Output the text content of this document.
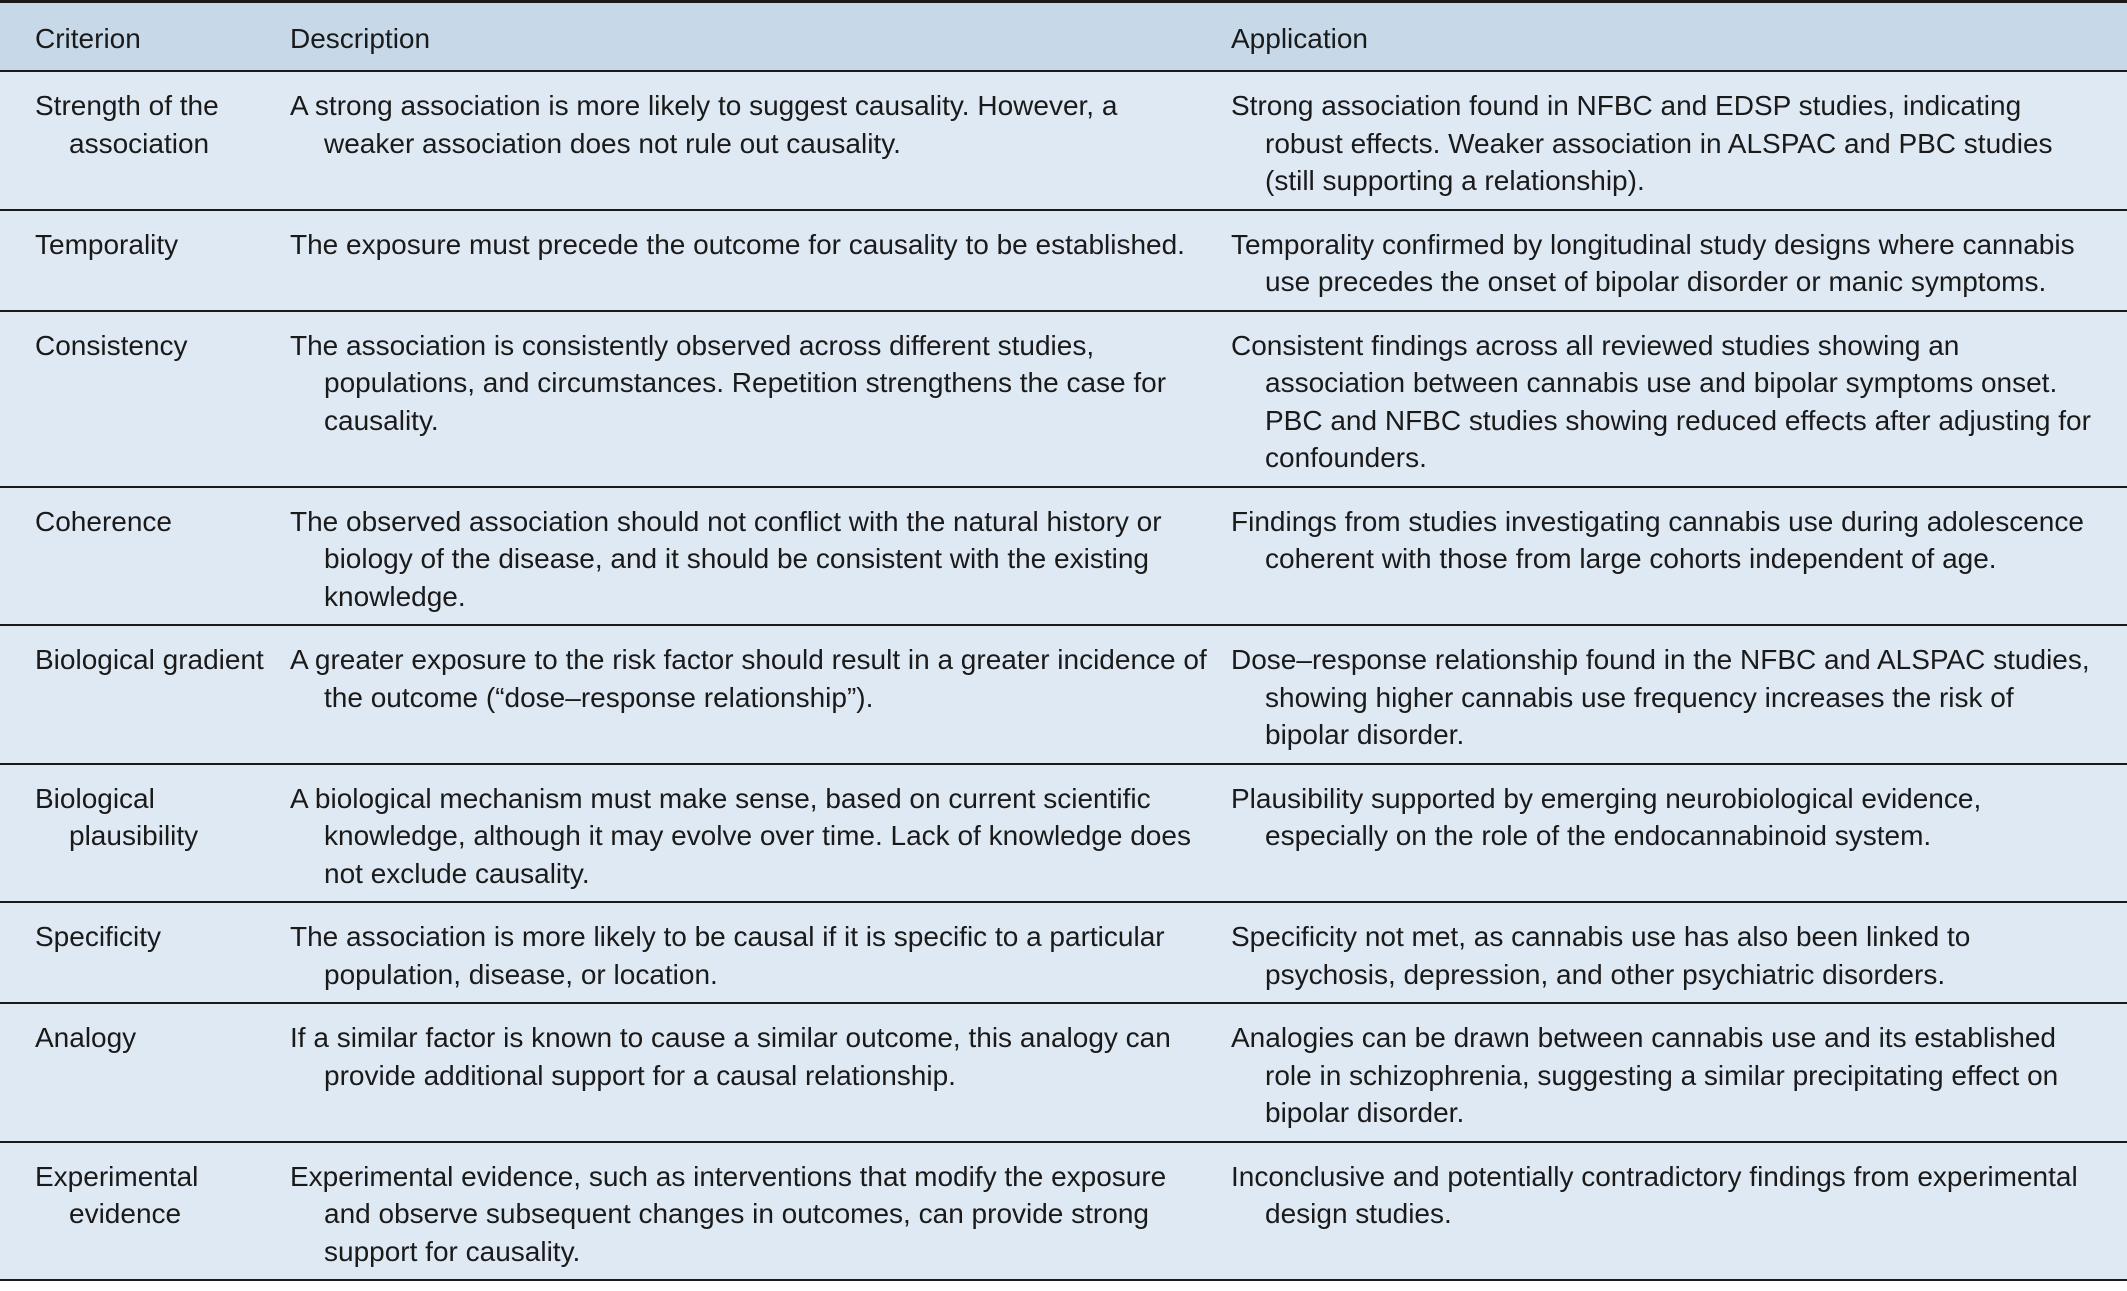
Criterion	Description	Application

Strength of the association	A strong association is more likely to suggest causality. However, a weaker association does not rule out causality.	Strong association found in NFBC and EDSP studies, indicating robust effects. Weaker association in ALSPAC and PBC studies (still supporting a relationship).

Temporality	The exposure must precede the outcome for causality to be established.	Temporality confirmed by longitudinal study designs where cannabis use precedes the onset of bipolar disorder or manic symptoms.

Consistency	The association is consistently observed across different studies, populations, and circumstances. Repetition strengthens the case for causality.	Consistent findings across all reviewed studies showing an association between cannabis use and bipolar symptoms onset. PBC and NFBC studies showing reduced effects after adjusting for confounders.

Coherence	The observed association should not conflict with the natural history or biology of the disease, and it should be consistent with the existing knowledge.	Findings from studies investigating cannabis use during adolescence coherent with those from large cohorts independent of age.

Biological gradient	A greater exposure to the risk factor should result in a greater incidence of the outcome (“dose–response relationship”).	Dose–response relationship found in the NFBC and ALSPAC studies, showing higher cannabis use frequency increases the risk of bipolar disorder.

Biological plausibility	A biological mechanism must make sense, based on current scientific knowledge, although it may evolve over time. Lack of knowledge does not exclude causality.	Plausibility supported by emerging neurobiological evidence, especially on the role of the endocannabinoid system.

Specificity	The association is more likely to be causal if it is specific to a particular population, disease, or location.	Specificity not met, as cannabis use has also been linked to psychosis, depression, and other psychiatric disorders.

Analogy	If a similar factor is known to cause a similar outcome, this analogy can provide additional support for a causal relationship.	Analogies can be drawn between cannabis use and its established role in schizophrenia, suggesting a similar precipitating effect on bipolar disorder.

Experimental evidence	Experimental evidence, such as interventions that modify the exposure and observe subsequent changes in outcomes, can provide strong support for causality.	Inconclusive and potentially contradictory findings from experimental design studies.
